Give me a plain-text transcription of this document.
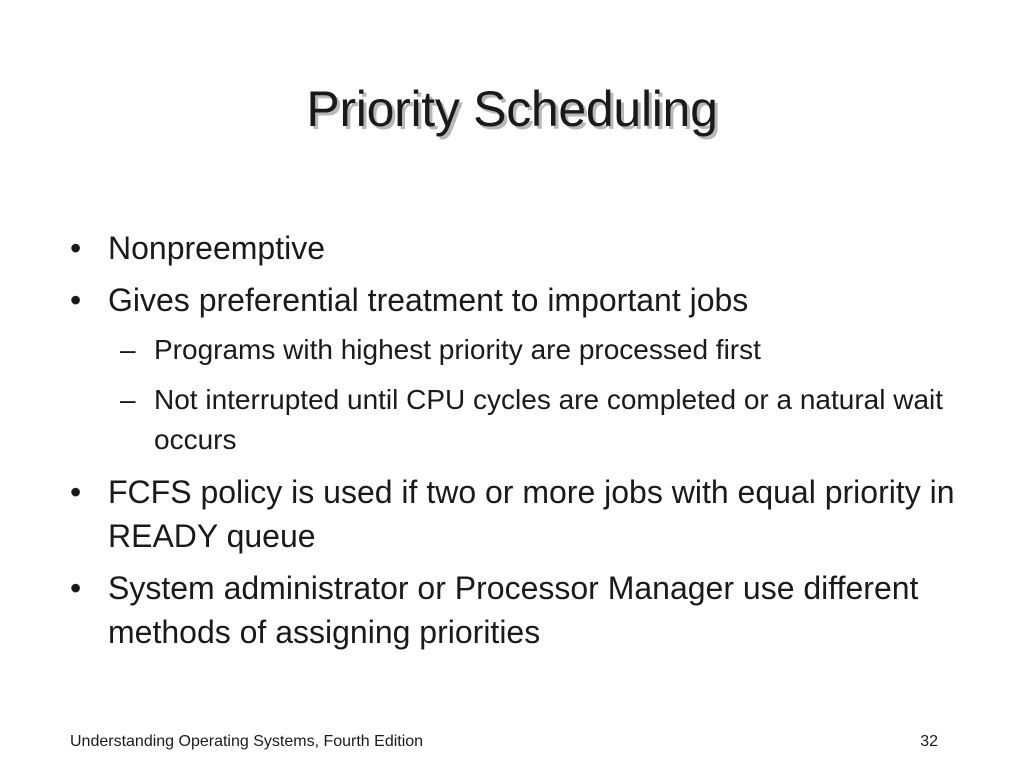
Priority Scheduling
• Nonpreemptive
• Gives preferential treatment to important jobs
– Programs with highest priority are processed first
– Not interrupted until CPU cycles are completed or a natural wait occurs
• FCFS policy is used if two or more jobs with equal priority in READY queue
• System administrator or Processor Manager use different methods of assigning priorities
Understanding Operating Systems, Fourth Edition	32
